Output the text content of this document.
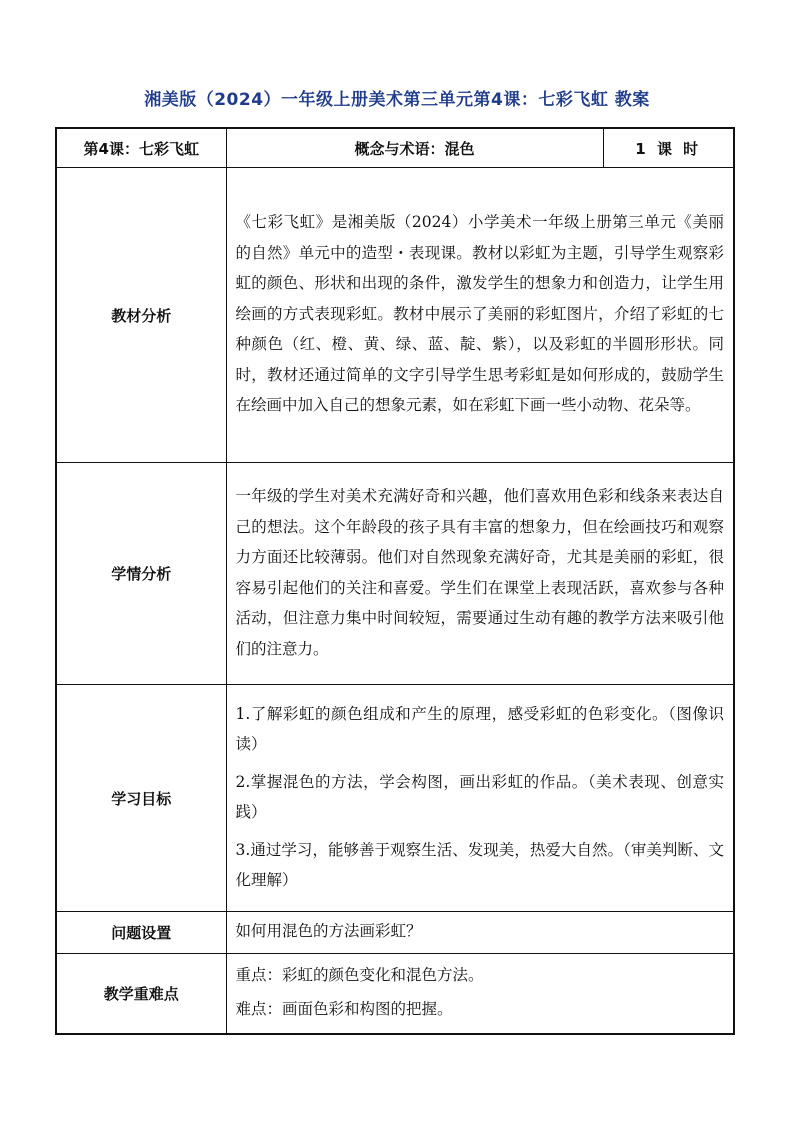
湘美版（2024）一年级上册美术第三单元第4课：七彩飞虹 教案
第4课：七彩飞虹	概念与术语：混色	1 课 时
教材分析	《七彩飞虹》是湘美版（2024）小学美术一年级上册第三单元《美丽的自然》单元中的造型・表现课。教材以彩虹为主题，引导学生观察彩虹的颜色、形状和出现的条件，激发学生的想象力和创造力，让学生用绘画的方式表现彩虹。教材中展示了美丽的彩虹图片，介绍了彩虹的七种颜色（红、橙、黄、绿、蓝、靛、紫），以及彩虹的半圆形形状。同时，教材还通过简单的文字引导学生思考彩虹是如何形成的，鼓励学生在绘画中加入自己的想象元素，如在彩虹下画一些小动物、花朵等。	
学情分析	一年级的学生对美术充满好奇和兴趣，他们喜欢用色彩和线条来表达自己的想法。这个年龄段的孩子具有丰富的想象力，但在绘画技巧和观察力方面还比较薄弱。他们对自然现象充满好奇，尤其是美丽的彩虹，很容易引起他们的关注和喜爱。学生们在课堂上表现活跃，喜欢参与各种活动，但注意力集中时间较短，需要通过生动有趣的教学方法来吸引他们的注意力。	
学习目标	1.了解彩虹的颜色组成和产生的原理，感受彩虹的色彩变化。（图像识读）

2.掌握混色的方法，学会构图，画出彩虹的作品。（美术表现、创意实践）

3.通过学习，能够善于观察生活、发现美，热爱大自然。（审美判断、文化理解）	

问题设置	如何用混色的方法画彩虹？	
教学重难点	重点：彩虹的颜色变化和混色方法。

难点：画面色彩和构图的把握。	
